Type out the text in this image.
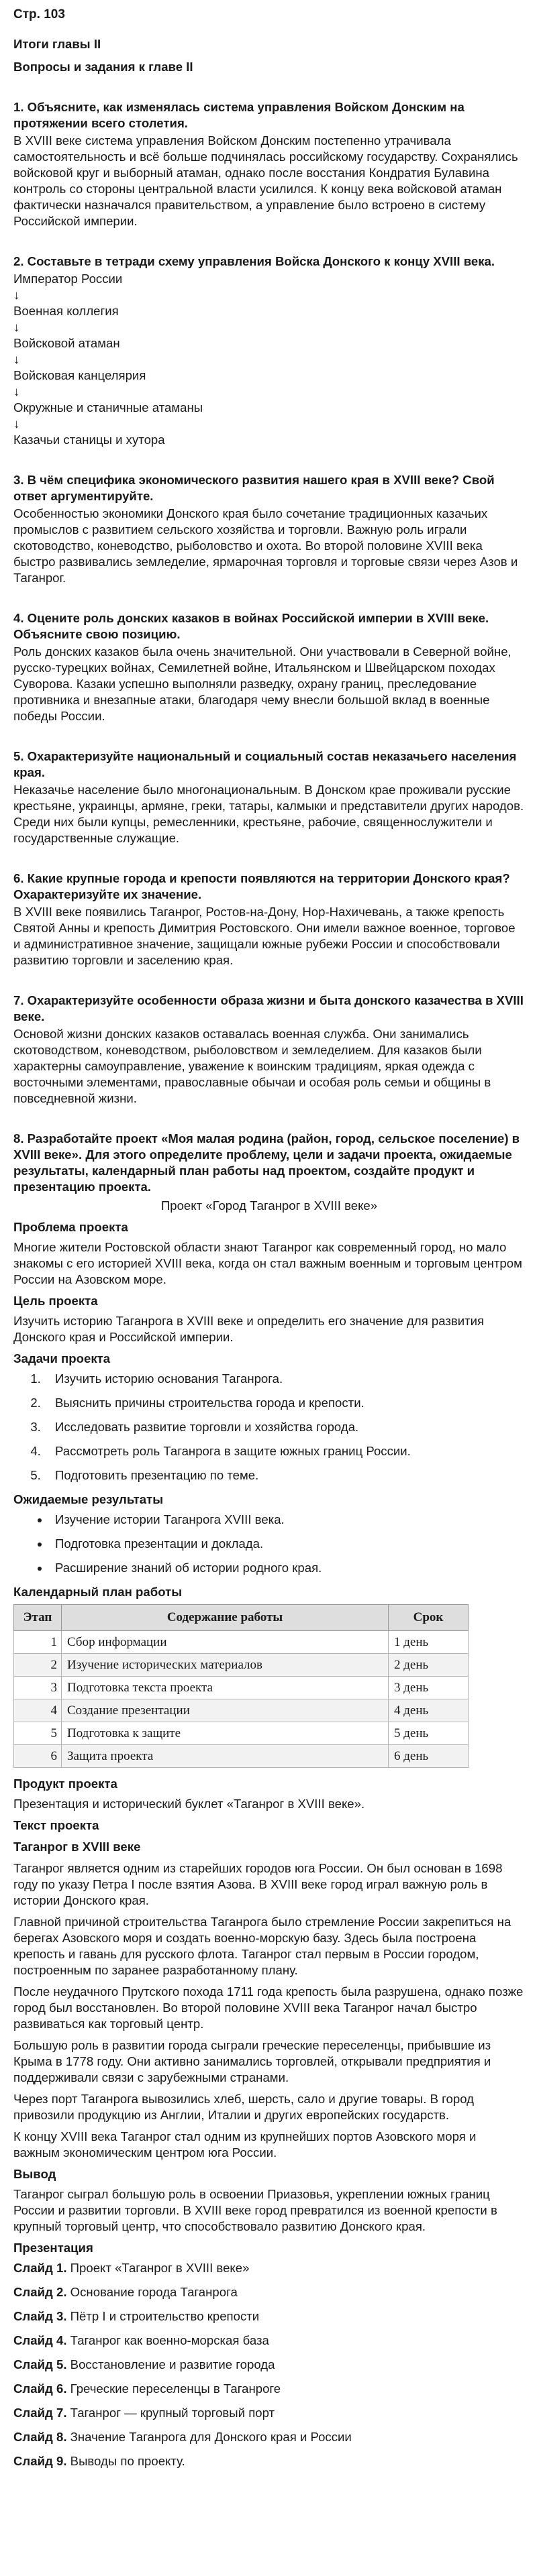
Стр. 103

Итоги главы II

Вопросы и задания к главе II

1. Объясните, как изменялась система управления Войском Донским на протяжении всего столетия.

В XVIII веке система управления Войском Донским постепенно утрачивала самостоятельность и всё больше подчинялась российскому государству. Сохранялись войсковой круг и выборный атаман, однако после восстания Кондратия Булавина контроль со стороны центральной власти усилился. К концу века войсковой атаман фактически назначался правительством, а управление было встроено в систему Российской империи.

2. Составьте в тетради схему управления Войска Донского к концу XVIII века.

Император России

↓

Военная коллегия

↓

Войсковой атаман

↓

Войсковая канцелярия

↓

Окружные и станичные атаманы

↓

Казачьи станицы и хутора

3. В чём специфика экономического развития нашего края в XVIII веке? Свой ответ аргументируйте.

Особенностью экономики Донского края было сочетание традиционных казачьих промыслов с развитием сельского хозяйства и торговли. Важную роль играли скотоводство, коневодство, рыболовство и охота. Во второй половине XVIII века быстро развивались земледелие, ярмарочная торговля и торговые связи через Азов и Таганрог.

4. Оцените роль донских казаков в войнах Российской империи в XVIII веке. Объясните свою позицию.

Роль донских казаков была очень значительной. Они участвовали в Северной войне, русско-турецких войнах, Семилетней войне, Итальянском и Швейцарском походах Суворова. Казаки успешно выполняли разведку, охрану границ, преследование противника и внезапные атаки, благодаря чему внесли большой вклад в военные победы России.

5. Охарактеризуйте национальный и социальный состав неказачьего населения края.

Неказачье население было многонациональным. В Донском крае проживали русские крестьяне, украинцы, армяне, греки, татары, калмыки и представители других народов. Среди них были купцы, ремесленники, крестьяне, рабочие, священнослужители и государственные служащие.

6. Какие крупные города и крепости появляются на территории Донского края? Охарактеризуйте их значение.

В XVIII веке появились Таганрог, Ростов-на-Дону, Нор-Нахичевань, а также крепость Святой Анны и крепость Димитрия Ростовского. Они имели важное военное, торговое и административное значение, защищали южные рубежи России и способствовали развитию торговли и заселению края.

7. Охарактеризуйте особенности образа жизни и быта донского казачества в XVIII веке.

Основой жизни донских казаков оставалась военная служба. Они занимались скотоводством, коневодством, рыболовством и земледелием. Для казаков были характерны самоуправление, уважение к воинским традициям, яркая одежда с восточными элементами, православные обычаи и особая роль семьи и общины в повседневной жизни.

8. Разработайте проект «Моя малая родина (район, город, сельское поселение) в XVIII веке». Для этого определите проблему, цели и задачи проекта, ожидаемые результаты, календарный план работы над проектом, создайте продукт и презентацию проекта.

Проект «Город Таганрог в XVIII веке»

Проблема проекта

Многие жители Ростовской области знают Таганрог как современный город, но мало знакомы с его историей XVIII века, когда он стал важным военным и торговым центром России на Азовском море.

Цель проекта

Изучить историю Таганрога в XVIII веке и определить его значение для развития Донского края и Российской империи.

Задачи проекта

1. Изучить историю основания Таганрога.
2. Выяснить причины строительства города и крепости.
3. Исследовать развитие торговли и хозяйства города.
4. Рассмотреть роль Таганрога в защите южных границ России.
5. Подготовить презентацию по теме.

Ожидаемые результаты

Изучение истории Таганрога XVIII века.
Подготовка презентации и доклада.
Расширение знаний об истории родного края.

Календарный план работы

Этап	Содержание работы	Срок
1	Сбор информации	1 день
2	Изучение исторических материалов	2 день
3	Подготовка текста проекта	3 день
4	Создание презентации	4 день
5	Подготовка к защите	5 день
6	Защита проекта	6 день

Продукт проекта

Презентация и исторический буклет «Таганрог в XVIII веке».

Текст проекта

Таганрог в XVIII веке

Таганрог является одним из старейших городов юга России. Он был основан в 1698 году по указу Петра I после взятия Азова. В XVIII веке город играл важную роль в истории Донского края.

Главной причиной строительства Таганрога было стремление России закрепиться на берегах Азовского моря и создать военно-морскую базу. Здесь была построена крепость и гавань для русского флота. Таганрог стал первым в России городом, построенным по заранее разработанному плану.

После неудачного Прутского похода 1711 года крепость была разрушена, однако позже город был восстановлен. Во второй половине XVIII века Таганрог начал быстро развиваться как торговый центр.

Большую роль в развитии города сыграли греческие переселенцы, прибывшие из Крыма в 1778 году. Они активно занимались торговлей, открывали предприятия и поддерживали связи с зарубежными странами.

Через порт Таганрога вывозились хлеб, шерсть, сало и другие товары. В город привозили продукцию из Англии, Италии и других европейских государств.

К концу XVIII века Таганрог стал одним из крупнейших портов Азовского моря и важным экономическим центром юга России.

Вывод

Таганрог сыграл большую роль в освоении Приазовья, укреплении южных границ России и развитии торговли. В XVIII веке город превратился из военной крепости в крупный торговый центр, что способствовало развитию Донского края.

Презентация

Слайд 1. Проект «Таганрог в XVIII веке»

Слайд 2. Основание города Таганрога

Слайд 3. Пётр I и строительство крепости

Слайд 4. Таганрог как военно-морская база

Слайд 5. Восстановление и развитие города

Слайд 6. Греческие переселенцы в Таганроге

Слайд 7. Таганрог — крупный торговый порт

Слайд 8. Значение Таганрога для Донского края и России

Слайд 9. Выводы по проекту.
